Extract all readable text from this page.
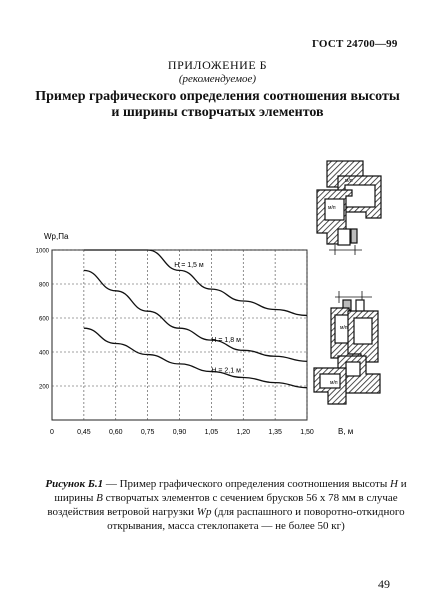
ГОСТ 24700—99
ПРИЛОЖЕНИЕ Б
(рекомендуемое)
Пример графического определения соотношения высоты
и ширины створчатых элементов
0	0,45	0,60	0,75	0,90	1,05	1,20	1,35	1,50
200
400
600
800
1000
Н = 1,5 м
Н = 1,8 м
Н = 2,1 м
Wр,Па
В, м
м/п
м/п
м/п
м/п
Рисунок Б.1 — Пример графического определения соотношения высоты Н и ширины В створчатых элементов с сечением брусков 56 х 78 мм в случае воздействия ветровой нагрузки Wр (для распашного и поворотно-откидного открывания, масса стеклопакета — не более 50 кг)
49
